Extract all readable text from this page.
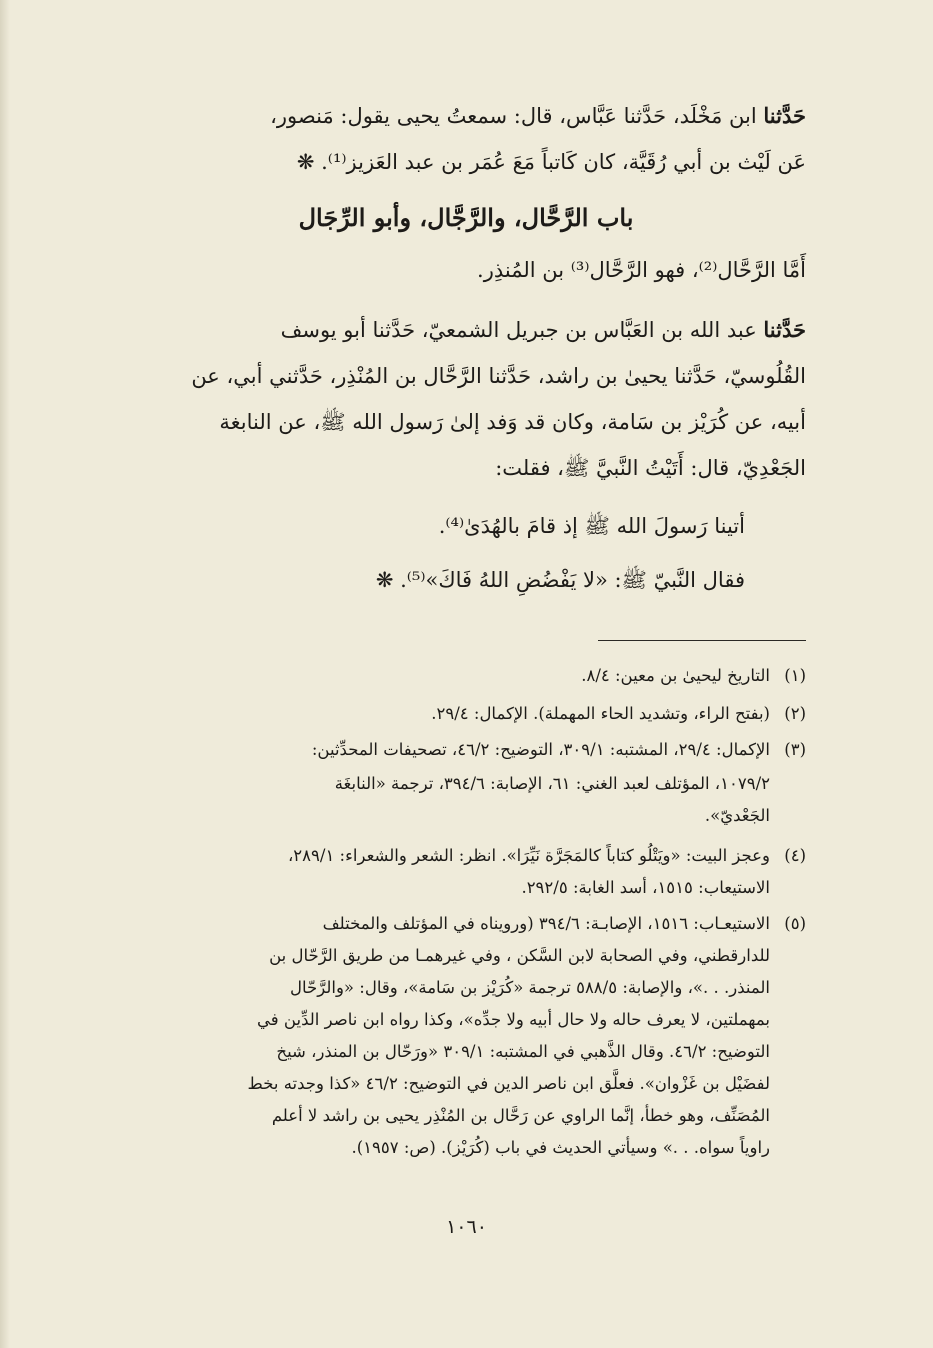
حَدَّثنا ابن مَخْلَد، حَدَّثنا عَبَّاس، قال: سمعتُ يحيى يقول: مَنصور،
عَن لَيْث بن أبي رُقَيَّة، كان كَاتباً مَعَ عُمَر بن عبد العَزيز⁽¹⁾. ❋
باب الرَّحَّال، والرَّجَّال، وأبو الرِّجَال
أَمَّا الرَّحَّال⁽²⁾، فهو الرَّحَّال⁽³⁾ بن المُنذِر.
حَدَّثنا عبد الله بن العَبَّاس بن جبريل الشمعيّ، حَدَّثنا أبو يوسف
القُلُوسيّ، حَدَّثنا يحيىٰ بن راشد، حَدَّثنا الرَّحَّال بن المُنْذِر، حَدَّثني أبي، عن
أبيه، عن كُرَيْز بن سَامة، وكان قد وَفد إلىٰ رَسول الله ﷺ، عن النابغة
الجَعْدِيّ، قال: أَتَيْتُ النَّبيَّ ﷺ، فقلت:
أتينا رَسولَ الله ﷺ إذ قامَ بالهُدَىٰ⁽⁴⁾.
فقال النَّبيّ ﷺ: «لا يَفْضُضِ اللهُ فَاكَ»⁽⁵⁾. ❋
(١)التاريخ ليحيىٰ بن معين: ٨/٤.
(٢)(بفتح الراء، وتشديد الحاء المهملة). الإكمال: ٢٩/٤.
(٣)الإكمال: ٢٩/٤، المشتبه: ٣٠٩/١، التوضيح: ٤٦/٢، تصحيفات المحدِّثين:
١٠٧٩/٢، المؤتلف لعبد الغني: ٦١، الإصابة: ٣٩٤/٦، ترجمة «النابغَة
الجَعْديّ».
(٤)وعجز البيت: «ويَتْلُو كتاباً كالمَجَرَّة نَيِّرَا». انظر: الشعر والشعراء: ٢٨٩/١،
الاستيعاب: ١٥١٥، أسد الغابة: ٢٩٢/٥.
(٥)الاستيعـاب: ١٥١٦، الإصابـة: ٣٩٤/٦ (ورويناه في المؤتلف والمختلف
للدارقطني، وفي الصحابة لابن السَّكن ، وفي غيرهمـا من طريق الرَّحّال بن
المنذر. . .»، والإصابة: ٥٨٨/٥ ترجمة «كُرَيْز بن سَامة»، وقال: «والرَّحّال
بمهملتين، لا يعرف حاله ولا حال أبيه ولا جدِّه»، وكذا رواه ابن ناصر الدِّين في
التوضيح: ٤٦/٢. وقال الذَّهبي في المشتبه: ٣٠٩/١ «ورَحّال بن المنذر، شيخ
لفضَيْل بن غَزْوان». فعلَّق ابن ناصر الدين في التوضيح: ٤٦/٢ «كذا وجدته بخط
المُصَنِّف، وهو خطأ، إنَّما الراوي عن رَحَّال بن المُنْذِر يحيى بن راشد لا أعلم
راوياً سواه. . .» وسيأتي الحديث في باب (كُرَيْز). (ص: ١٩٥٧).
١٠٦٠
